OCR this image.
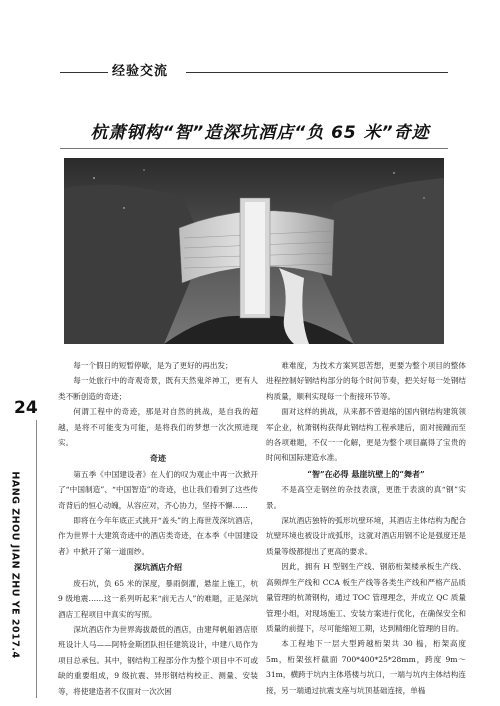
经验交流
杭萧钢构“智”造深坑酒店“负 65 米”奇迹
24
HANG ZHOU JIAN ZHU YE 2017.4

每一个假日的短暂停歇，是为了更好的再出发；

每一处旅行中的奇观奇景，既有天然鬼斧神工，更有人类不断创造的奇迹；

何谓工程中的奇迹，那是对自然的挑战，是自我的超越，是将不可能变为可能，是将我们的梦想一次次照进现实。

奇迹

第五季《中国建设者》在人们的叹为观止中再一次掀开了“中国制造”、“中国智造”的奇迹，也让我们看到了这些传奇背后的恒心动魄，从容应对，齐心协力，坚持不懈……

即将在今年年底正式挑开“盖头”的上海世茂深坑酒店，作为世界十大建筑奇迹中的酒店类奇迹，在本季《中国建设者》中掀开了第一道面纱。

深坑酒店介绍

废石坑，负 65 米的深度，暴雨倒灌，悬崖上施工，杭 9 级地震……这一系列听起来“前无古人”的难题，正是深坑酒店工程项目中真实的写照。

深坑酒店作为世界海拔最低的酒店，由建拜帆船酒店原班设计人马——阿特金斯团队担任建筑设计，中建八局作为项目总承包。其中，钢结构工程部分作为整个项目中不可或缺的重要组成，9 级抗震、异形钢结构校正、测量、安装等，将使建造者不仅面对一次次困

难难度，为技术方案冥思苦想，更要为整个项目的整体进程控制好钢结构部分的每个时间节奏，把关好每一处钢结构质量，顺利实现每一个衔接环节等。

面对这样的挑战，从来都不曾退缩的国内钢结构建筑领军企业，杭萧钢构获得此钢结构工程承建后，面对接踵而至的各项难题，不仅一一化解，更是为整个项目赢得了宝贵的时间和国际建造水准。

“智”在必得 悬崖坑壁上的“舞者”

不是高空走钢丝的杂技表演，更胜于表演的真“钢”实景。

深坑酒店独特的弧形坑壁环境，其酒店主体结构为配合坑壁环境也被设计成弧形，这就对酒店用钢不论是强度还是质量等级都提出了更高的要求。

因此，拥有 H 型钢生产线、钢筋桁架楼承板生产线、高频焊生产线和 CCA 板生产线等各类生产线和严格产品质量管理的杭萧钢构，通过 TOC 管理理念，并成立 QC 质量管理小组，对现场施工、安装方案进行优化，在确保安全和质量的前提下，尽可能缩短工期，达到精细化管理的目的。

本工程地下一层大型跨越桁架共 30 榀，桁架高度 5m，桁架弦杆截面 700*400*25*28mm，跨度 9m～31m，横跨于坑内主体塔楼与坑口，一端与坑内主体结构连接，另一端通过抗震支座与坑顶基础连接，单榀
